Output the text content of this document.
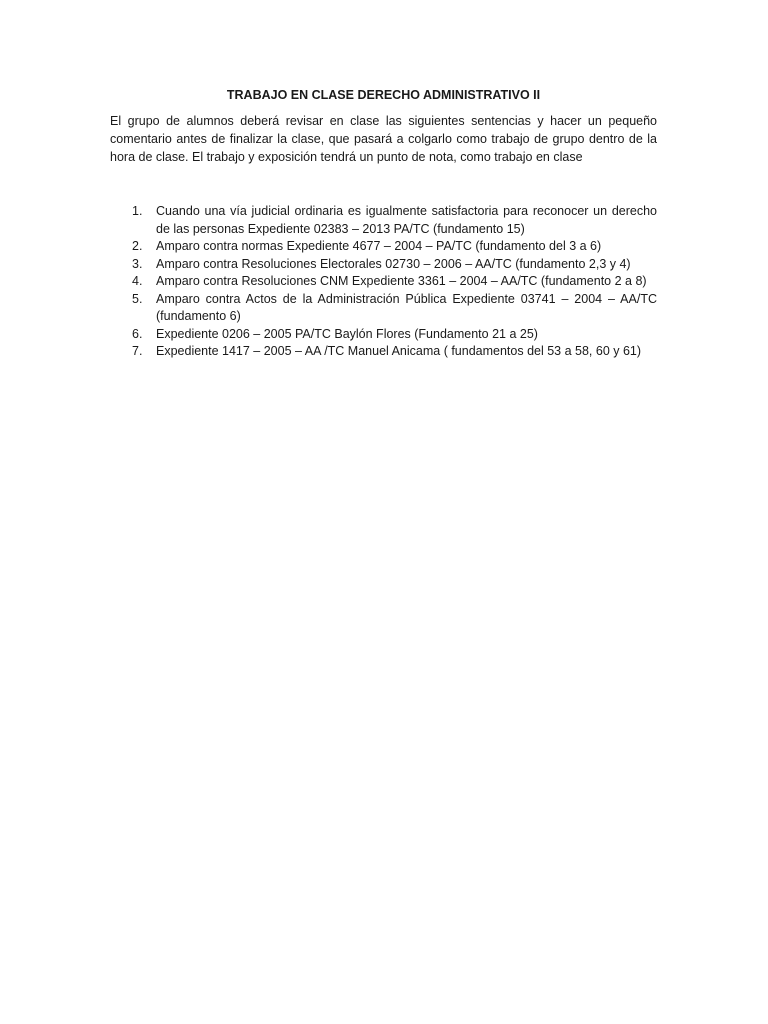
TRABAJO EN CLASE DERECHO ADMINISTRATIVO II
El grupo de alumnos deberá revisar en clase las siguientes sentencias y hacer un pequeño comentario antes de finalizar la clase, que pasará a colgarlo como trabajo de grupo dentro de la hora de clase. El trabajo y exposición tendrá un punto de nota, como trabajo en clase
1. Cuando una vía judicial ordinaria es igualmente satisfactoria para reconocer un derecho de las personas Expediente 02383 – 2013 PA/TC (fundamento 15)
2. Amparo contra normas Expediente 4677 – 2004 – PA/TC (fundamento del 3 a 6)
3. Amparo contra Resoluciones Electorales 02730 – 2006 – AA/TC (fundamento 2,3 y 4)
4. Amparo contra Resoluciones CNM Expediente 3361 – 2004 – AA/TC (fundamento 2 a 8)
5. Amparo contra Actos de la Administración Pública Expediente 03741 – 2004 – AA/TC (fundamento 6)
6. Expediente 0206 – 2005 PA/TC Baylón Flores (Fundamento 21 a 25)
7. Expediente 1417 – 2005 – AA /TC Manuel Anicama ( fundamentos del 53 a 58, 60 y 61)
